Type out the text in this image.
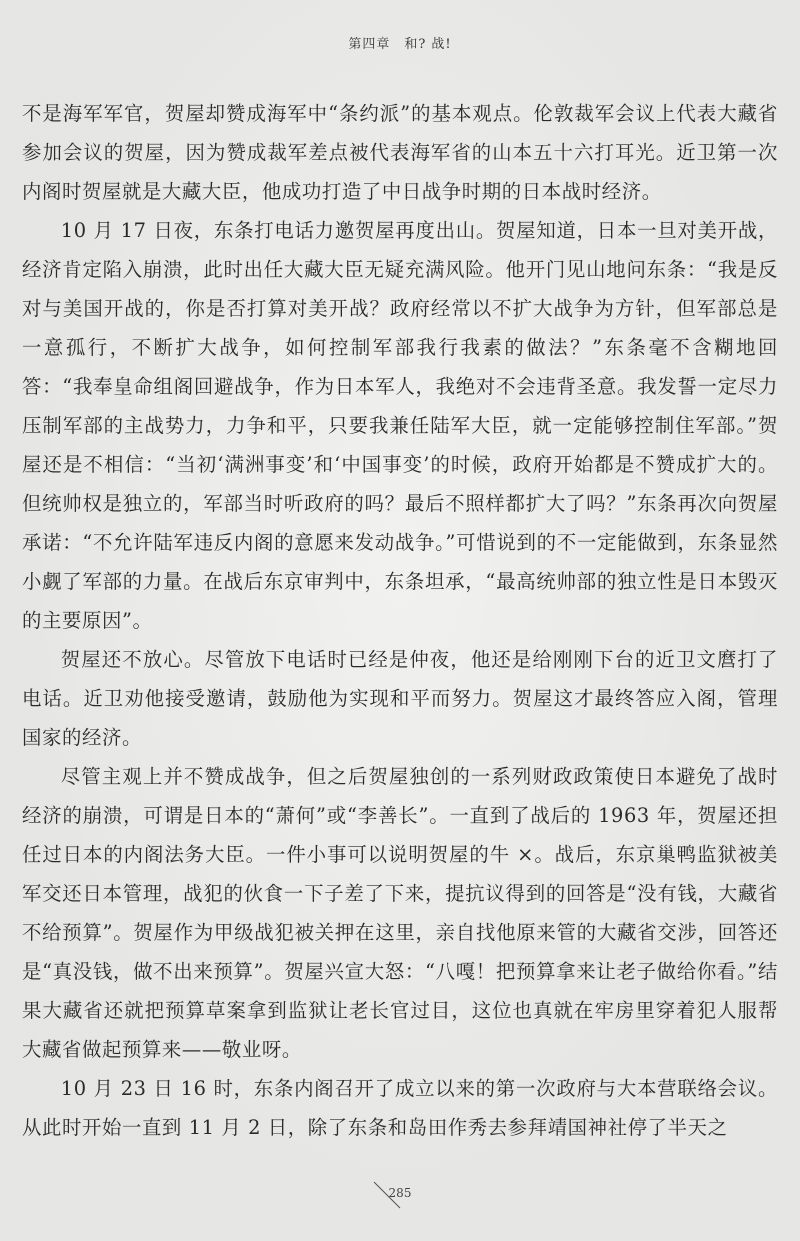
第四章　和? 战!

不是海军军官，贺屋却赞成海军中“条约派”的基本观点。伦敦裁军会议上代表大藏省参加会议的贺屋，因为赞成裁军差点被代表海军省的山本五十六打耳光。近卫第一次内阁时贺屋就是大藏大臣，他成功打造了中日战争时期的日本战时经济。

10 月 17 日夜，东条打电话力邀贺屋再度出山。贺屋知道，日本一旦对美开战，经济肯定陷入崩溃，此时出任大藏大臣无疑充满风险。他开门见山地问东条：“我是反对与美国开战的，你是否打算对美开战？政府经常以不扩大战争为方针，但军部总是一意孤行，不断扩大战争，如何控制军部我行我素的做法？”东条毫不含糊地回答：“我奉皇命组阁回避战争，作为日本军人，我绝对不会违背圣意。我发誓一定尽力压制军部的主战势力，力争和平，只要我兼任陆军大臣，就一定能够控制住军部。”贺屋还是不相信：“当初‘满洲事变’和‘中国事变’的时候，政府开始都是不赞成扩大的。但统帅权是独立的，军部当时听政府的吗？最后不照样都扩大了吗？”东条再次向贺屋承诺：“不允许陆军违反内阁的意愿来发动战争。”可惜说到的不一定能做到，东条显然小觑了军部的力量。在战后东京审判中，东条坦承，“最高统帅部的独立性是日本毁灭的主要原因”。

贺屋还不放心。尽管放下电话时已经是仲夜，他还是给刚刚下台的近卫文麿打了电话。近卫劝他接受邀请，鼓励他为实现和平而努力。贺屋这才最终答应入阁，管理国家的经济。

尽管主观上并不赞成战争，但之后贺屋独创的一系列财政政策使日本避免了战时经济的崩溃，可谓是日本的“萧何”或“李善长”。一直到了战后的 1963 年，贺屋还担任过日本的内阁法务大臣。一件小事可以说明贺屋的牛 ×。战后，东京巢鸭监狱被美军交还日本管理，战犯的伙食一下子差了下来，提抗议得到的回答是“没有钱，大藏省不给预算”。贺屋作为甲级战犯被关押在这里，亲自找他原来管的大藏省交涉，回答还是“真没钱，做不出来预算”。贺屋兴宣大怒：“八嘎！把预算拿来让老子做给你看。”结果大藏省还就把预算草案拿到监狱让老长官过目，这位也真就在牢房里穿着犯人服帮大藏省做起预算来——敬业呀。

10 月 23 日 16 时，东条内阁召开了成立以来的第一次政府与大本营联络会议。从此时开始一直到 11 月 2 日，除了东条和岛田作秀去参拜靖国神社停了半天之

285
